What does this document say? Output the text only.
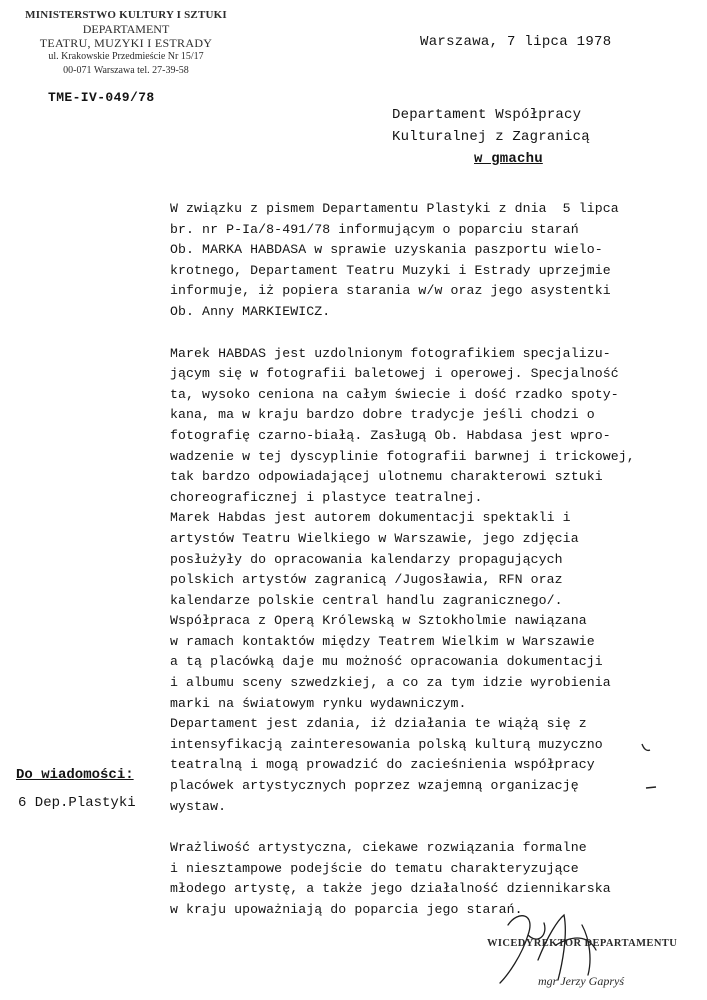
MINISTERSTWO KULTURY I SZTUKI
DEPARTAMENT
TEATRU, MUZYKI I ESTRADY
ul. Krakowskie Przedmieście Nr 15/17
00-071 Warszawa tel. 27-39-58
TME-IV-049/78
Warszawa, 7 lipca 1978
Departament Współpracy
Kulturalnej z Zagranicą
w gmachu

W związku z pismem Departamentu Plastyki z dnia  5 lipca
br. nr P-Ia/8-491/78 informującym o poparciu starań
Ob. MARKA HABDASA w sprawie uzyskania paszportu wielo-
krotnego, Departament Teatru Muzyki i Estrady uprzejmie
informuje, iż popiera starania w/w oraz jego asystentki
Ob. Anny MARKIEWICZ.

Marek HABDAS jest uzdolnionym fotografikiem specjalizu-
jącym się w fotografii baletowej i operowej. Specjalność
ta, wysoko ceniona na całym świecie i dość rzadko spoty-
kana, ma w kraju bardzo dobre tradycje jeśli chodzi o
fotografię czarno-białą. Zasługą Ob. Habdasa jest wpro-
wadzenie w tej dyscyplinie fotografii barwnej i trickowej,
tak bardzo odpowiadającej ulotnemu charakterowi sztuki
choreograficznej i plastyce teatralnej.
Marek Habdas jest autorem dokumentacji spektakli i
artystów Teatru Wielkiego w Warszawie, jego zdjęcia
posłużyły do opracowania kalendarzy propagujących
polskich artystów zagranicą /Jugosławia, RFN oraz
kalendarze polskie central handlu zagranicznego/.
Współpraca z Operą Królewską w Sztokholmie nawiązana
w ramach kontaktów między Teatrem Wielkim w Warszawie
a tą placówką daje mu możność opracowania dokumentacji
i albumu sceny szwedzkiej, a co za tym idzie wyrobienia
marki na światowym rynku wydawniczym.
Departament jest zdania, iż działania te wiążą się z
intensyfikacją zainteresowania polską kulturą muzyczno
teatralną i mogą prowadzić do zacieśnienia współpracy
placówek artystycznych poprzez wzajemną organizację
wystaw.

Wrażliwość artystyczna, ciekawe rozwiązania formalne
i niesztampowe podejście do tematu charakteryzujące
młodego artystę, a także jego działalność dziennikarska
w kraju upoważniają do poparcia jego starań.

Do wiadomości:
6 Dep.Plastyki
WICEDYREKTOR DEPARTAMENTU
mgr Jerzy Gapryś
